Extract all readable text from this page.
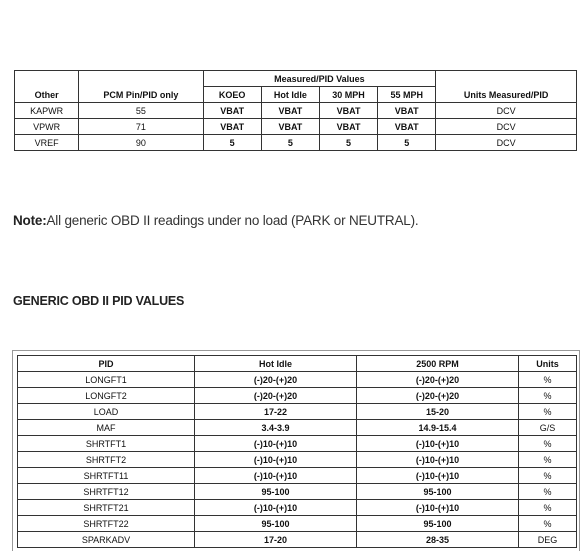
Other	PCM Pin/PID only	Measured/PID Values				Units Measured/PID
		KOEO	Hot Idle	30 MPH	55 MPH	
KAPWR	55	VBAT	VBAT	VBAT	VBAT	DCV
VPWR	71	VBAT	VBAT	VBAT	VBAT	DCV
VREF	90	5	5	5	5	DCV
Note:All generic OBD II readings under no load (PARK or NEUTRAL).
GENERIC OBD II PID VALUES
PID	Hot Idle	2500 RPM	Units
LONGFT1	(-)20-(+)20	(-)20-(+)20	%
LONGFT2	(-)20-(+)20	(-)20-(+)20	%
LOAD	17-22	15-20	%
MAF	3.4-3.9	14.9-15.4	G/S
SHRTFT1	(-)10-(+)10	(-)10-(+)10	%
SHRTFT2	(-)10-(+)10	(-)10-(+)10	%
SHRTFT11	(-)10-(+)10	(-)10-(+)10	%
SHRTFT12	95-100	95-100	%
SHRTFT21	(-)10-(+)10	(-)10-(+)10	%
SHRTFT22	95-100	95-100	%
SPARKADV	17-20	28-35	DEG
